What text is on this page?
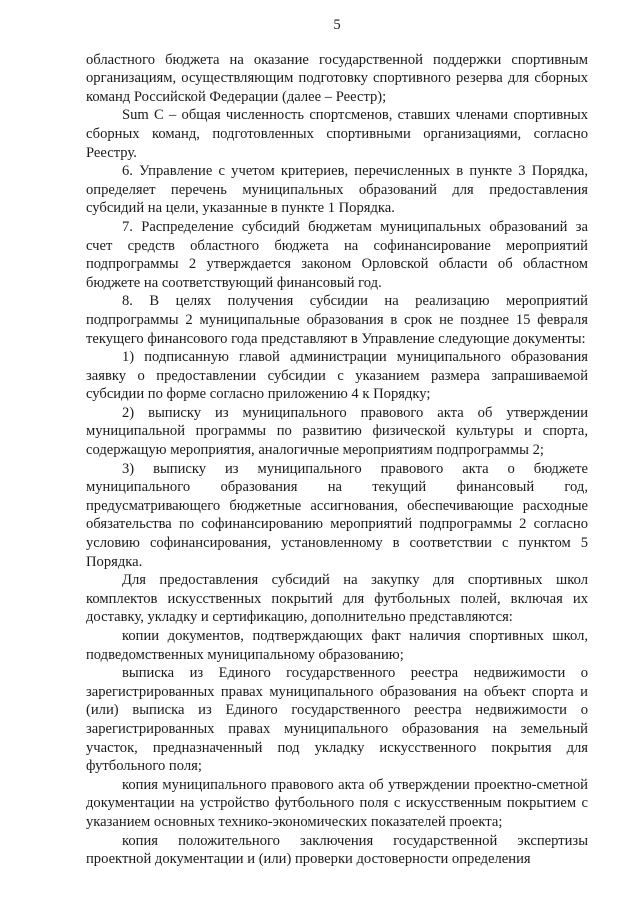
5

областного бюджета на оказание государственной поддержки спортивным организациям, осуществляющим подготовку спортивного резерва для сборных команд Российской Федерации (далее – Реестр);

Sum C – общая численность спортсменов, ставших членами спортивных сборных команд, подготовленных спортивными организациями, согласно Реестру.

6. Управление с учетом критериев, перечисленных в пункте 3 Порядка, определяет перечень муниципальных образований для предоставления субсидий на цели, указанные в пункте 1 Порядка.

7. Распределение субсидий бюджетам муниципальных образований за счет средств областного бюджета на софинансирование мероприятий подпрограммы 2 утверждается законом Орловской области об областном бюджете на соответствующий финансовый год.

8. В целях получения субсидии на реализацию мероприятий подпрограммы 2 муниципальные образования в срок не позднее 15 февраля текущего финансового года представляют в Управление следующие документы:

1) подписанную главой администрации муниципального образования заявку о предоставлении субсидии с указанием размера запрашиваемой субсидии по форме согласно приложению 4 к Порядку;

2) выписку из муниципального правового акта об утверждении муниципальной программы по развитию физической культуры и спорта, содержащую мероприятия, аналогичные мероприятиям подпрограммы 2;

3) выписку из муниципального правового акта о бюджете муниципального образования на текущий финансовый год, предусматривающего бюджетные ассигнования, обеспечивающие расходные обязательства по софинансированию мероприятий подпрограммы 2 согласно условию софинансирования, установленному в соответствии с пунктом 5 Порядка.

Для предоставления субсидий на закупку для спортивных школ комплектов искусственных покрытий для футбольных полей, включая их доставку, укладку и сертификацию, дополнительно представляются:

копии документов, подтверждающих факт наличия спортивных школ, подведомственных муниципальному образованию;

выписка из Единого государственного реестра недвижимости о зарегистрированных правах муниципального образования на объект спорта и (или) выписка из Единого государственного реестра недвижимости о зарегистрированных правах муниципального образования на земельный участок, предназначенный под укладку искусственного покрытия для футбольного поля;

копия муниципального правового акта об утверждении проектно-сметной документации на устройство футбольного поля с искусственным покрытием с указанием основных технико-экономических показателей проекта;

копия положительного заключения государственной экспертизы проектной документации и (или) проверки достоверности определения
